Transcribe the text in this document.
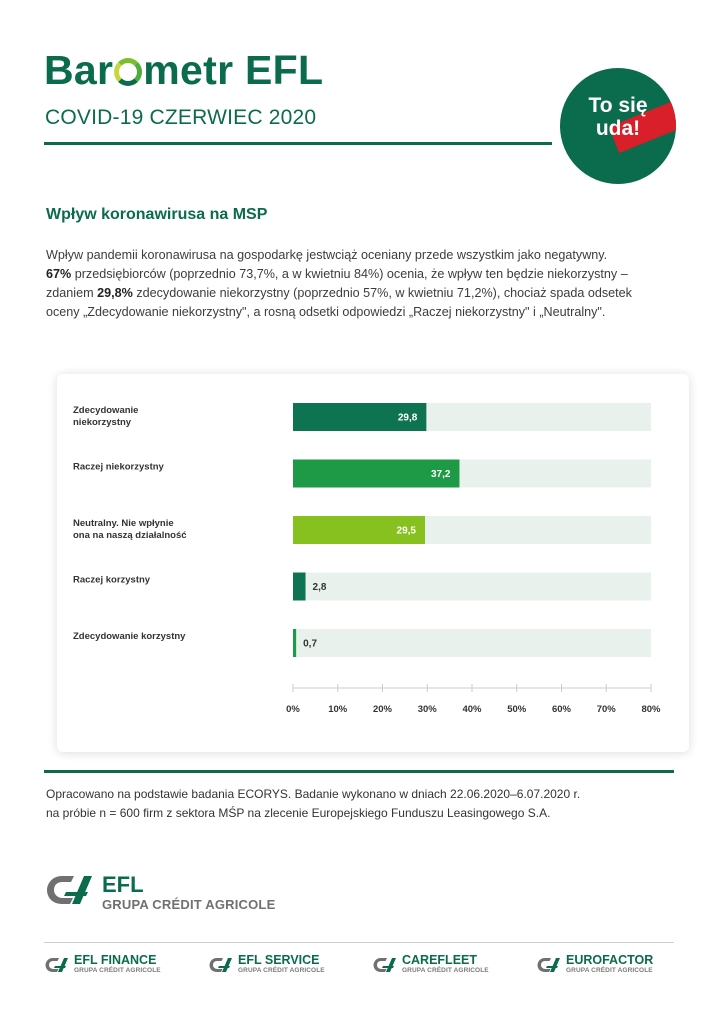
Bar metr EFL
COVID-19 CZERWIEC 2020
To się
uda!
Wpływ koronawirusa na MSP
Wpływ pandemii koronawirusa na gospodarkę jestwciąż oceniany przede wszystkim jako negatywny.
67% przedsiębiorców (poprzednio 73,7%, a w kwietniu 84%) ocenia, że wpływ ten będzie niekorzystny –
zdaniem 29,8% zdecydowanie niekorzystny (poprzednio 57%, w kwietniu 71,2%), chociaż spada odsetek
oceny „Zdecydowanie niekorzystny", a rosną odsetki odpowiedzi „Raczej niekorzystny" i „Neutralny".
29,8
Zdecydowanie niekorzystny
37,2
Raczej niekorzystny
29,5
Neutralny. Nie wpłynie ona na naszą działalność
2,8
Raczej korzystny
0,7
Zdecydowanie korzystny
0%	10%	20%	30%	40%	50%	60%	70%	80%
Opracowano na podstawie badania ECORYS. Badanie wykonano w dniach 22.06.2020–6.07.2020 r.
na próbie n = 600 firm z sektora MŚP na zlecenie Europejskiego Funduszu Leasingowego S.A.
EFL
GRUPA CRÉDIT AGRICOLE
EFL FINANCE
GRUPA CRÉDIT AGRICOLE
EFL SERVICE
GRUPA CRÉDIT AGRICOLE
CAREFLEET
GRUPA CRÉDIT AGRICOLE
EUROFACTOR
GRUPA CRÉDIT AGRICOLE
